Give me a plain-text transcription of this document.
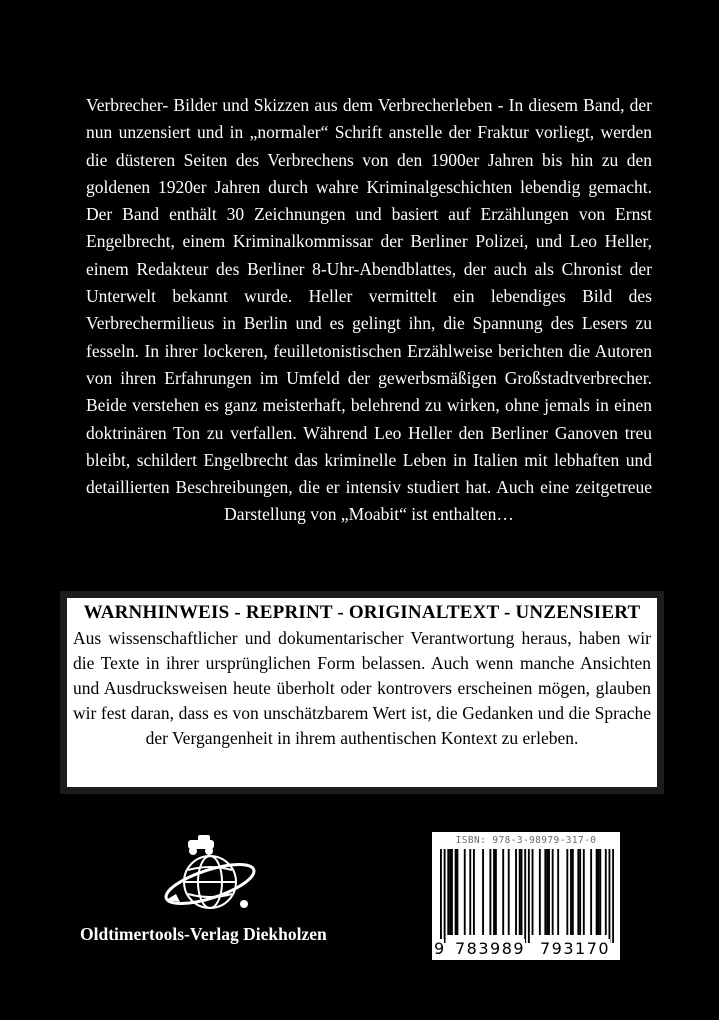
Verbrecher- Bilder und Skizzen aus dem Verbrecherleben - In diesem Band, der nun unzensiert und in „normaler“ Schrift anstelle der Fraktur vorliegt, werden die düsteren Seiten des Verbrechens von den 1900er Jahren bis hin zu den goldenen 1920er Jahren durch wahre Kriminalgeschichten lebendig gemacht. Der Band enthält 30 Zeichnungen und basiert auf Erzählungen von Ernst Engelbrecht, einem Kriminalkommissar der Berliner Polizei, und Leo Heller, einem Redakteur des Berliner 8-Uhr-Abendblattes, der auch als Chronist der Unterwelt bekannt wurde. Heller vermittelt ein lebendiges Bild des Verbrechermilieus in Berlin und es gelingt ihn, die Spannung des Lesers zu fesseln. In ihrer lockeren, feuilletonistischen Erzählweise berichten die Autoren von ihren Erfahrungen im Umfeld der gewerbsmäßigen Großstadtverbrecher. Beide verstehen es ganz meisterhaft, belehrend zu wirken, ohne jemals in einen doktrinären Ton zu verfallen. Während Leo Heller den Berliner Ganoven treu bleibt, schildert Engelbrecht das kriminelle Leben in Italien mit lebhaften und detaillierten Beschreibungen, die er intensiv studiert hat. Auch eine zeitgetreue Darstellung von „Moabit“ ist enthalten…
WARNHINWEIS - REPRINT - ORIGINALTEXT - UNZENSIERT
Aus wissenschaftlicher und dokumentarischer Verantwortung heraus, haben wir die Texte in ihrer ursprünglichen Form belassen. Auch wenn manche Ansichten und Ausdrucksweisen heute überholt oder kontrovers erscheinen mögen, glauben wir fest daran, dass es von unschätzbarem Wert ist, die Gedanken und die Sprache der Vergangenheit in ihrem authentischen Kontext zu erleben.
Oldtimertools-Verlag Diekholzen
ISBN: 978-3-98979-317-0
9 783989 793170
